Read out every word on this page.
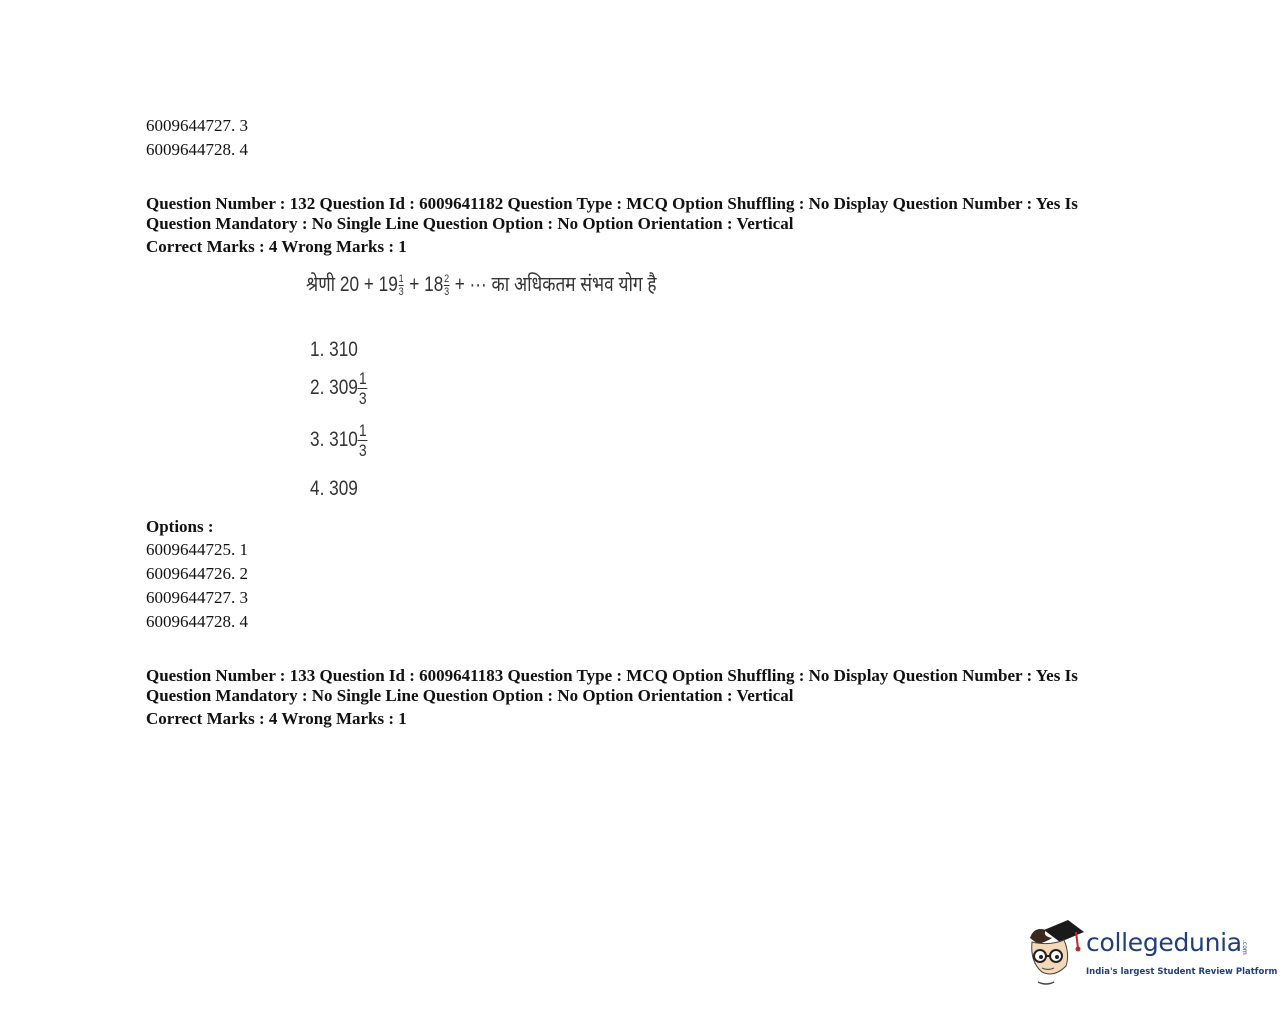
6009644727. 3
6009644728. 4
Question Number : 132 Question Id : 6009641182 Question Type : MCQ Option Shuffling : No Display Question Number : Yes Is
Question Mandatory : No Single Line Question Option : No Option Orientation : Vertical
Correct Marks : 4 Wrong Marks : 1
श्रेणी $20 + 19\frac{1}{3} + 18\frac{2}{3}$ + ··· का अधिकतम संभव योग है
1. 310
2. $309\frac{1}{3}$
3. $310\frac{1}{3}$
4. 309
Options :
6009644725. 1
6009644726. 2
6009644727. 3
6009644728. 4
Question Number : 133 Question Id : 6009641183 Question Type : MCQ Option Shuffling : No Display Question Number : Yes Is
Question Mandatory : No Single Line Question Option : No Option Orientation : Vertical
Correct Marks : 4 Wrong Marks : 1
collegedunia .com
India's largest Student Review Platform
